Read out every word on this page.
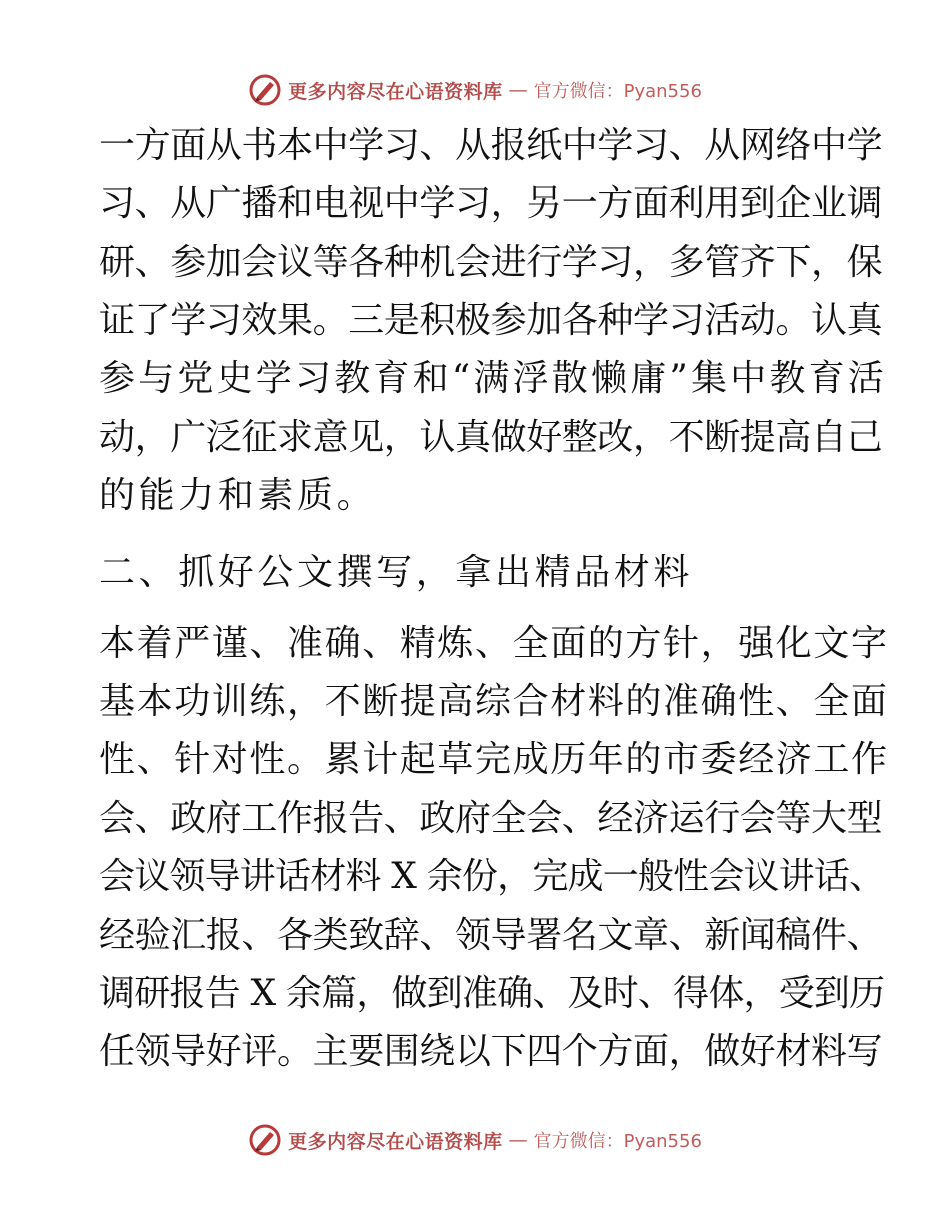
更多内容尽在心语资料库 — 官方微信：Pyan556
一方面从书本中学习、从报纸中学习、从网络中学
习、从广播和电视中学习，另一方面利用到企业调
研、参加会议等各种机会进行学习，多管齐下，保
证了学习效果。三是积极参加各种学习活动。认真
参与党史学习教育和“满浮散懒庸”集中教育活
动，广泛征求意见，认真做好整改，不断提高自己
的能力和素质。
二、抓好公文撰写，拿出精品材料
本着严谨、准确、精炼、全面的方针，强化文字
基本功训练，不断提高综合材料的准确性、全面
性、针对性。累计起草完成历年的市委经济工作
会、政府工作报告、政府全会、经济运行会等大型
会议领导讲话材料 X 余份，完成一般性会议讲话、
经验汇报、各类致辞、领导署名文章、新闻稿件、
调研报告 X 余篇，做到准确、及时、得体，受到历
任领导好评。主要围绕以下四个方面，做好材料写
更多内容尽在心语资料库 — 官方微信：Pyan556
